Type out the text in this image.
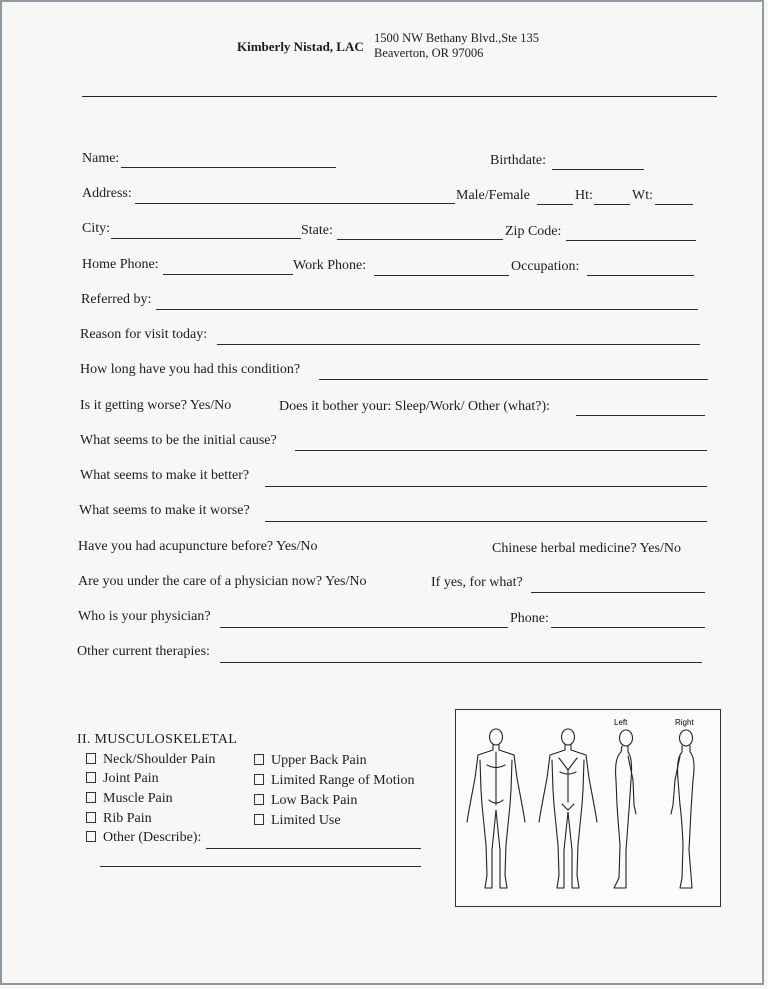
Kimberly Nistad, LAC
1500 NW Bethany Blvd.,Ste 135
Beaverton, OR 97006
Name:	Birthdate:
Address:	Male/Female	Ht:	Wt:
City:	State:	Zip Code:
Home Phone:	Work Phone:	Occupation:
Referred by:
Reason for visit today:
How long have you had this condition?
Is it getting worse? Yes/No	Does it bother your: Sleep/Work/ Other (what?):
What seems to be the initial cause?
What seems to make it better?
What seems to make it worse?
Have you had acupuncture before? Yes/No	Chinese herbal medicine? Yes/No
Are you under the care of a physician now? Yes/No	If yes, for what?
Who is your physician?	Phone:
Other current therapies:
II. MUSCULOSKELETAL
Neck/Shoulder Pain
Joint Pain
Muscle Pain
Rib Pain
Other (Describe):
Upper Back Pain
Limited Range of Motion
Low Back Pain
Limited Use
Left	Right
